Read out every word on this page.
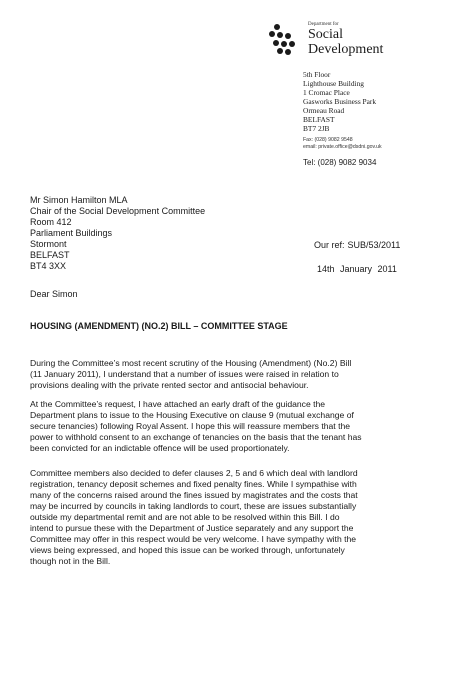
Department for
Social
Development
5th Floor
Lighthouse Building
1 Cromac Place
Gasworks Business Park
Ormeau Road
BELFAST
BT7 2JB
Fax: (028) 9082 9548
email: private.office@dsdni.gov.uk
Tel: (028) 9082 9034
Mr Simon Hamilton MLA
Chair of the Social Development Committee
Room 412
Parliament Buildings
Stormont
BELFAST
BT4 3XX
Our ref: SUB/53/2011
14th January 2011
Dear Simon
HOUSING (AMENDMENT) (NO.2) BILL – COMMITTEE STAGE
During the Committee’s most recent scrutiny of the Housing (Amendment) (No.2) Bill
(11 January 2011), I understand that a number of issues were raised in relation to
provisions dealing with the private rented sector and antisocial behaviour.
At the Committee’s request, I have attached an early draft of the guidance the
Department plans to issue to the Housing Executive on clause 9 (mutual exchange of
secure tenancies) following Royal Assent. I hope this will reassure members that the
power to withhold consent to an exchange of tenancies on the basis that the tenant has
been convicted for an indictable offence will be used proportionately.
Committee members also decided to defer clauses 2, 5 and 6 which deal with landlord
registration, tenancy deposit schemes and fixed penalty fines. While I sympathise with
many of the concerns raised around the fines issued by magistrates and the costs that
may be incurred by councils in taking landlords to court, these are issues substantially
outside my departmental remit and are not able to be resolved within this Bill. I do
intend to pursue these with the Department of Justice separately and any support the
Committee may offer in this respect would be very welcome. I have sympathy with the
views being expressed, and hoped this issue can be worked through, unfortunately
though not in the Bill.
